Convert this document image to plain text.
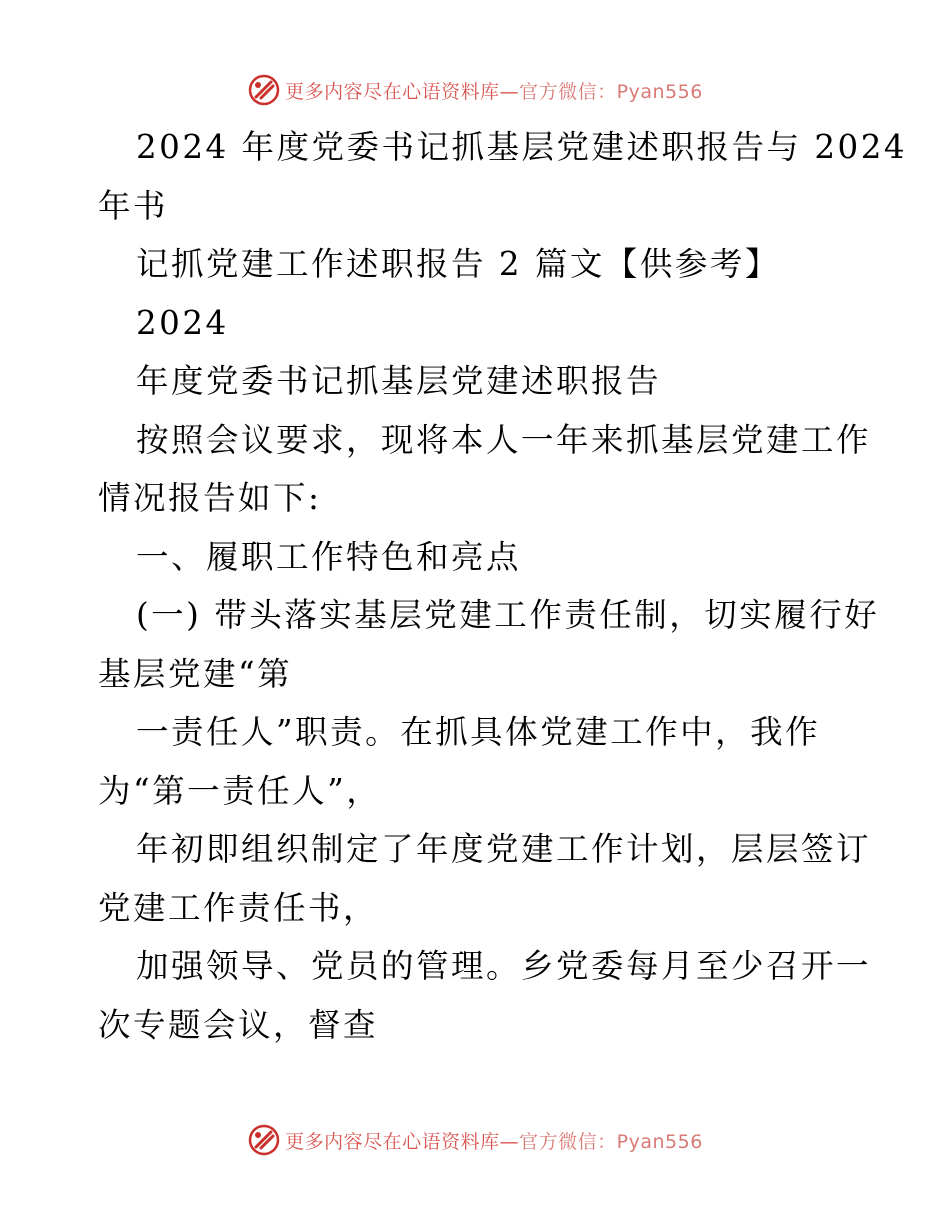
更多内容尽在心语资料库—官方微信：Pyan556
2024 年度党委书记抓基层党建述职报告与 2024
年书
记抓党建工作述职报告 2 篇文【供参考】
2024
年度党委书记抓基层党建述职报告
按照会议要求，现将本人一年来抓基层党建工作
情况报告如下:
一、履职工作特色和亮点
(一) 带头落实基层党建工作责任制，切实履行好
基层党建“第
一责任人”职责。在抓具体党建工作中，我作
为“第一责任人”，
年初即组织制定了年度党建工作计划，层层签订
党建工作责任书，
加强领导、党员的管理。乡党委每月至少召开一
次专题会议，督查
更多内容尽在心语资料库—官方微信：Pyan556
